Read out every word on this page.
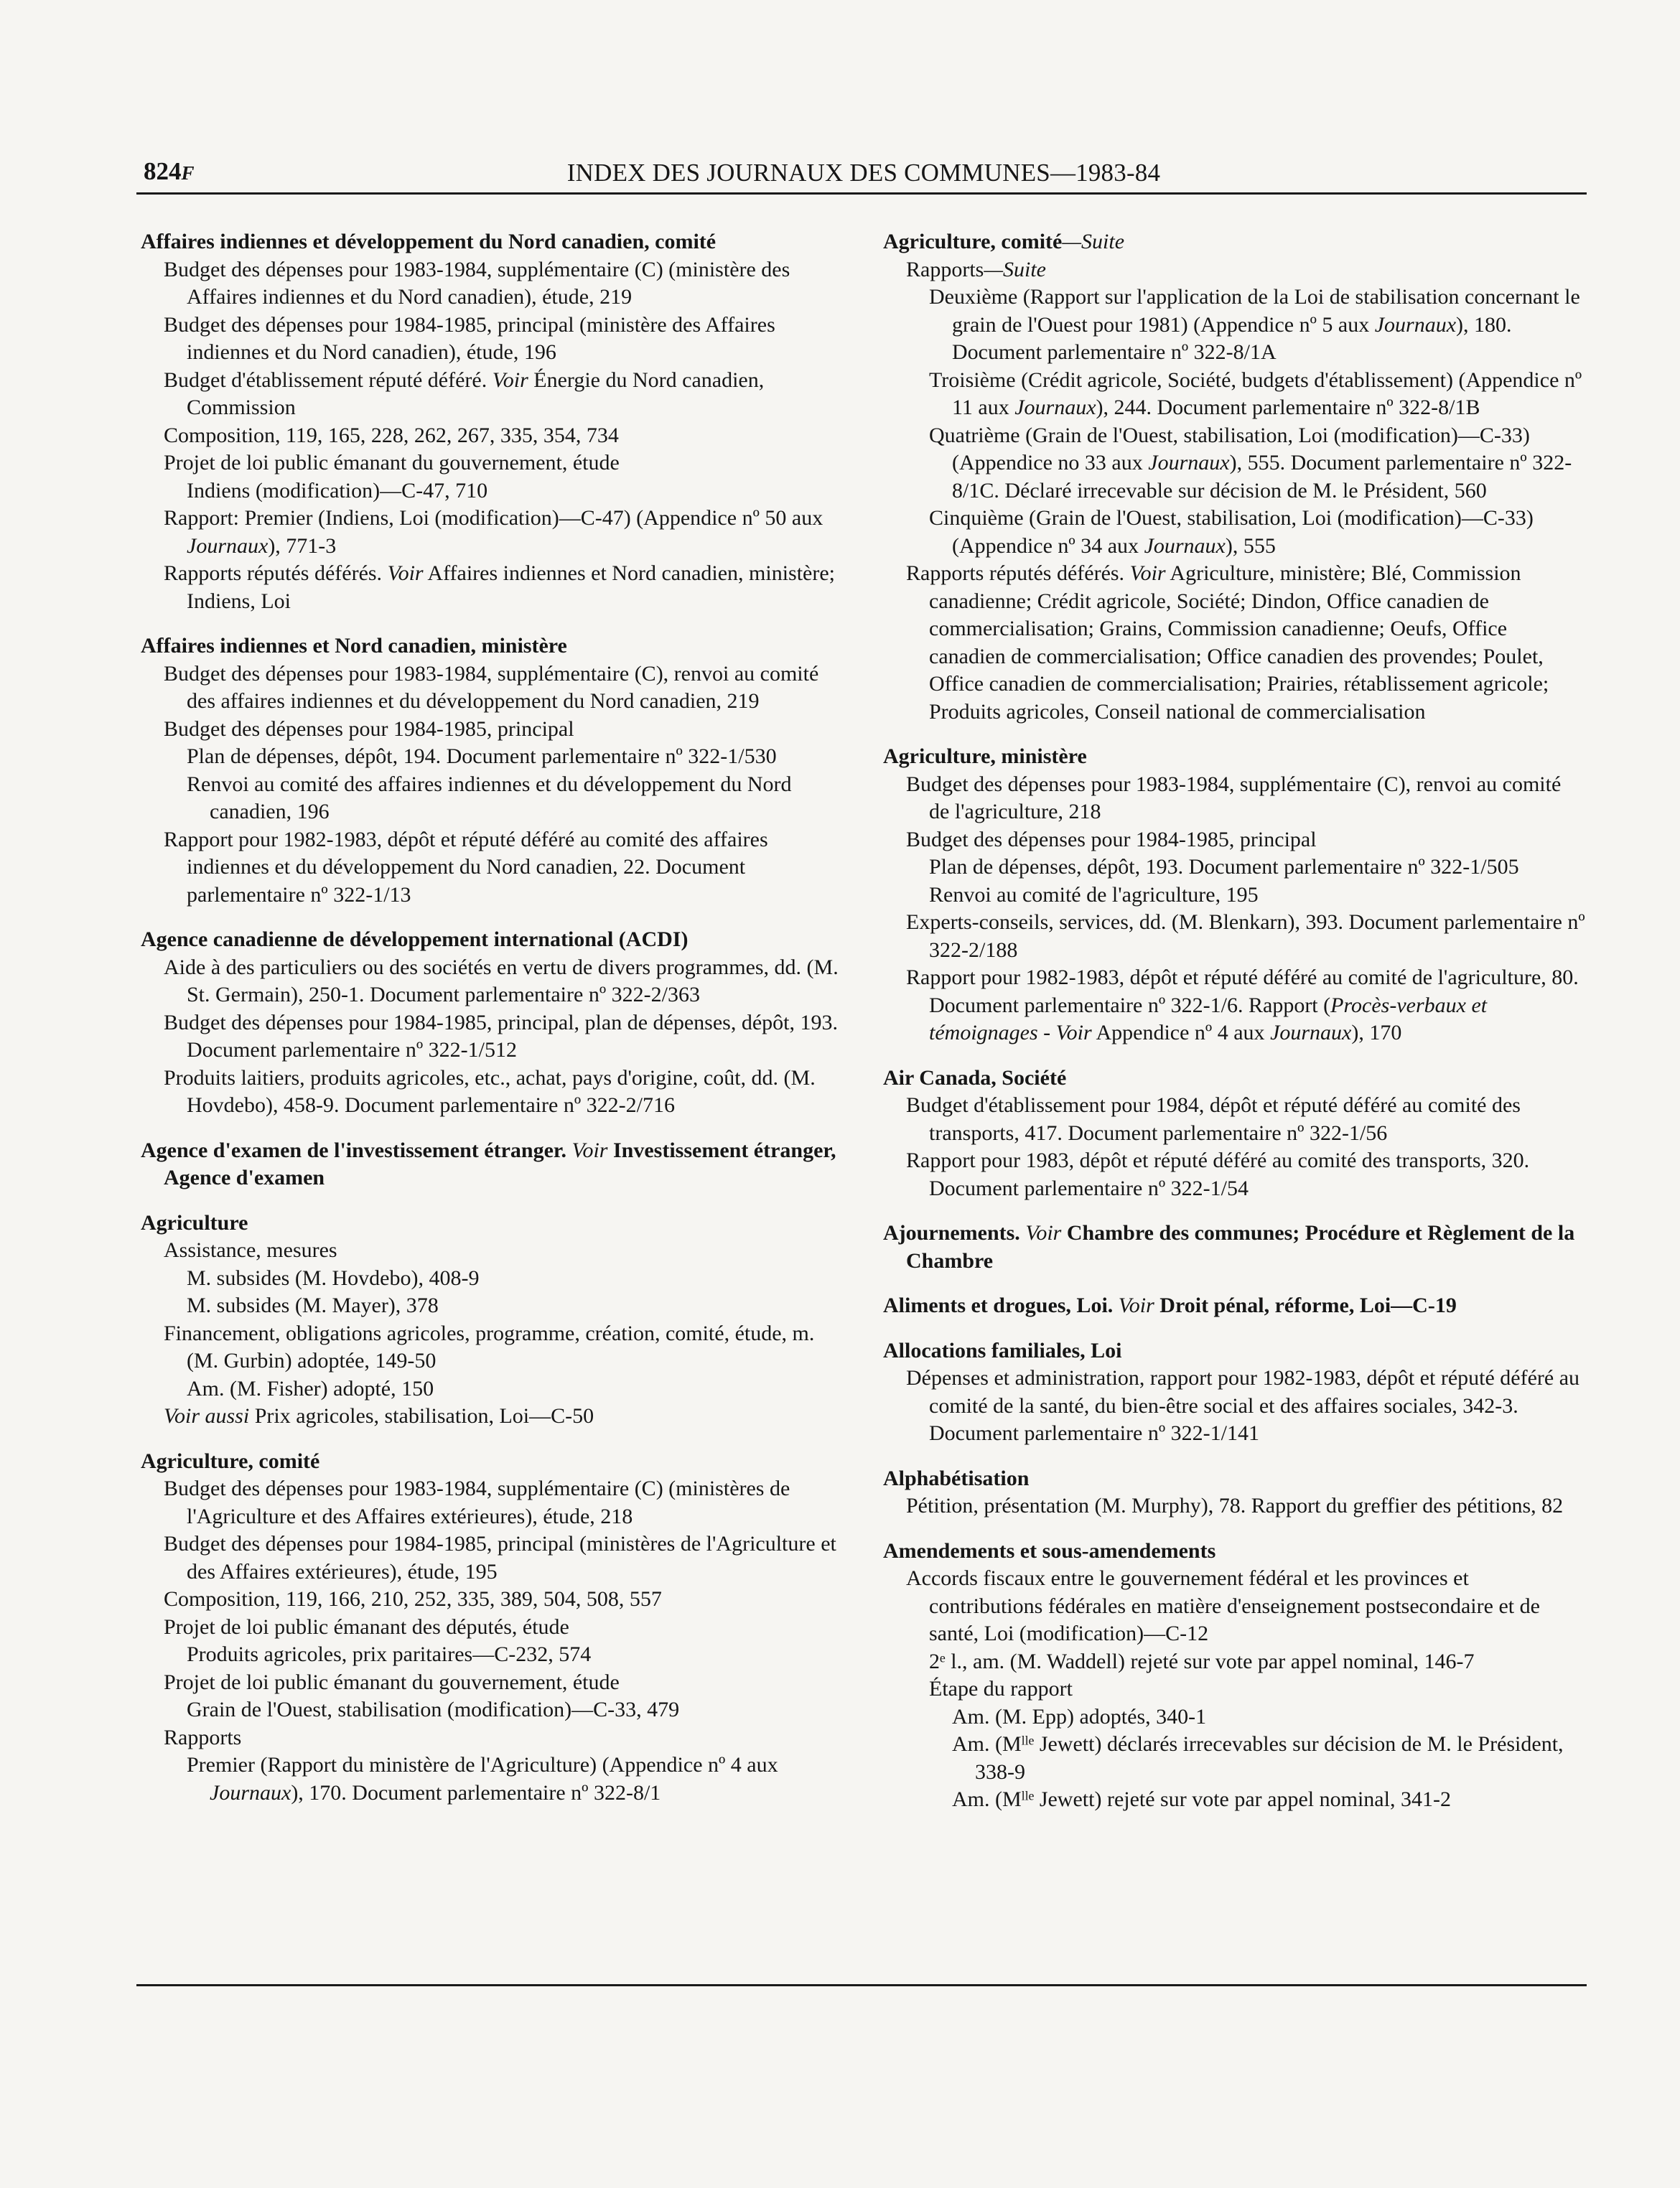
824F	INDEX DES JOURNAUX DES COMMUNES—1983-84
Affaires indiennes et développement du Nord canadien, comité
Budget des dépenses pour 1983-1984, supplémentaire (C) (ministère des Affaires indiennes et du Nord canadien), étude, 219
Budget des dépenses pour 1984-1985, principal (ministère des Affaires indiennes et du Nord canadien), étude, 196
Budget d'établissement réputé déféré. Voir Énergie du Nord canadien, Commission
Composition, 119, 165, 228, 262, 267, 335, 354, 734
Projet de loi public émanant du gouvernement, étude
Indiens (modification)—C-47, 710
Rapport: Premier (Indiens, Loi (modification)—C-47) (Appendice nº 50 aux Journaux), 771-3
Rapports réputés déférés. Voir Affaires indiennes et Nord canadien, ministère; Indiens, Loi
Affaires indiennes et Nord canadien, ministère
Budget des dépenses pour 1983-1984, supplémentaire (C), renvoi au comité des affaires indiennes et du développement du Nord canadien, 219
Budget des dépenses pour 1984-1985, principal
Plan de dépenses, dépôt, 194. Document parlementaire nº 322-1/530
Renvoi au comité des affaires indiennes et du développement du Nord canadien, 196
Rapport pour 1982-1983, dépôt et réputé déféré au comité des affaires indiennes et du développement du Nord canadien, 22. Document parlementaire nº 322-1/13
Agence canadienne de développement international (ACDI)
Aide à des particuliers ou des sociétés en vertu de divers programmes, dd. (M. St. Germain), 250-1. Document parlementaire nº 322-2/363
Budget des dépenses pour 1984-1985, principal, plan de dépenses, dépôt, 193. Document parlementaire nº 322-1/512
Produits laitiers, produits agricoles, etc., achat, pays d'origine, coût, dd. (M. Hovdebo), 458-9. Document parlementaire nº 322-2/716
Agence d'examen de l'investissement étranger. Voir Investissement étranger, Agence d'examen
Agriculture
Assistance, mesures
M. subsides (M. Hovdebo), 408-9
M. subsides (M. Mayer), 378
Financement, obligations agricoles, programme, création, comité, étude, m. (M. Gurbin) adoptée, 149-50
Am. (M. Fisher) adopté, 150
Voir aussi Prix agricoles, stabilisation, Loi—C-50
Agriculture, comité
Budget des dépenses pour 1983-1984, supplémentaire (C) (ministères de l'Agriculture et des Affaires extérieures), étude, 218
Budget des dépenses pour 1984-1985, principal (ministères de l'Agriculture et des Affaires extérieures), étude, 195
Composition, 119, 166, 210, 252, 335, 389, 504, 508, 557
Projet de loi public émanant des députés, étude
Produits agricoles, prix paritaires—C-232, 574
Projet de loi public émanant du gouvernement, étude
Grain de l'Ouest, stabilisation (modification)—C-33, 479
Rapports
Premier (Rapport du ministère de l'Agriculture) (Appendice nº 4 aux Journaux), 170. Document parlementaire nº 322-8/1
Agriculture, comité—Suite
Rapports—Suite
Deuxième (Rapport sur l'application de la Loi de stabilisation concernant le grain de l'Ouest pour 1981) (Appendice nº 5 aux Journaux), 180. Document parlementaire nº 322-8/1A
Troisième (Crédit agricole, Société, budgets d'établissement) (Appendice nº 11 aux Journaux), 244. Document parlementaire nº 322-8/1B
Quatrième (Grain de l'Ouest, stabilisation, Loi (modification)—C-33) (Appendice no 33 aux Journaux), 555. Document parlementaire nº 322-8/1C. Déclaré irrecevable sur décision de M. le Président, 560
Cinquième (Grain de l'Ouest, stabilisation, Loi (modification)—C-33) (Appendice nº 34 aux Journaux), 555
Rapports réputés déférés. Voir Agriculture, ministère; Blé, Commission canadienne; Crédit agricole, Société; Dindon, Office canadien de commercialisation; Grains, Commission canadienne; Oeufs, Office canadien de commercialisation; Office canadien des provendes; Poulet, Office canadien de commercialisation; Prairies, rétablissement agricole; Produits agricoles, Conseil national de commercialisation
Agriculture, ministère
Budget des dépenses pour 1983-1984, supplémentaire (C), renvoi au comité de l'agriculture, 218
Budget des dépenses pour 1984-1985, principal
Plan de dépenses, dépôt, 193. Document parlementaire nº 322-1/505
Renvoi au comité de l'agriculture, 195
Experts-conseils, services, dd. (M. Blenkarn), 393. Document parlementaire nº 322-2/188
Rapport pour 1982-1983, dépôt et réputé déféré au comité de l'agriculture, 80. Document parlementaire nº 322-1/6. Rapport (Procès-verbaux et témoignages - Voir Appendice nº 4 aux Journaux), 170
Air Canada, Société
Budget d'établissement pour 1984, dépôt et réputé déféré au comité des transports, 417. Document parlementaire nº 322-1/56
Rapport pour 1983, dépôt et réputé déféré au comité des transports, 320. Document parlementaire nº 322-1/54
Ajournements. Voir Chambre des communes; Procédure et Règlement de la Chambre
Aliments et drogues, Loi. Voir Droit pénal, réforme, Loi—C-19
Allocations familiales, Loi
Dépenses et administration, rapport pour 1982-1983, dépôt et réputé déféré au comité de la santé, du bien-être social et des affaires sociales, 342-3. Document parlementaire nº 322-1/141
Alphabétisation
Pétition, présentation (M. Murphy), 78. Rapport du greffier des pétitions, 82
Amendements et sous-amendements
Accords fiscaux entre le gouvernement fédéral et les provinces et contributions fédérales en matière d'enseignement postsecondaire et de santé, Loi (modification)—C-12
2ᵉ l., am. (M. Waddell) rejeté sur vote par appel nominal, 146-7
Étape du rapport
Am. (M. Epp) adoptés, 340-1
Am. (Mˡˡᵉ Jewett) déclarés irrecevables sur décision de M. le Président, 338-9
Am. (Mˡˡᵉ Jewett) rejeté sur vote par appel nominal, 341-2
